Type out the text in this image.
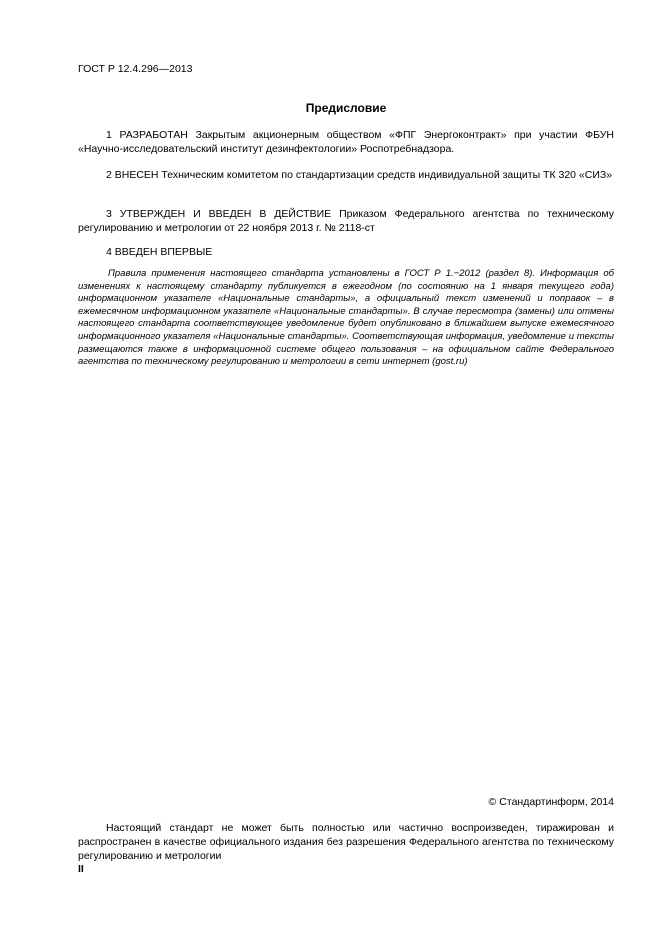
ГОСТ Р 12.4.296—2013
Предисловие

1 РАЗРАБОТАН Закрытым акционерным обществом «ФПГ Энергоконтракт» при участии ФБУН «Научно-исследовательский институт дезинфектологии» Роспотребнадзора.

2 ВНЕСЕН Техническим комитетом по стандартизации средств индивидуальной защиты ТК 320 «СИЗ»

3 УТВЕРЖДЕН И ВВЕДЕН В ДЕЙСТВИЕ Приказом Федерального агентства по техническому регулированию и метрологии от 22 ноября 2013 г. № 2118-ст

4 ВВЕДЕН ВПЕРВЫЕ

Правила применения настоящего стандарта установлены в ГОСТ Р 1.−2012 (раздел 8). Информация об изменениях к настоящему стандарту публикуется в ежегодном (по состоянию на 1 января текущего года) информационном указателе «Национальные стандарты», а официальный текст изменений и поправок – в ежемесячном информационном указателе «Национальные стандарты». В случае пересмотра (замены) или отмены настоящего стандарта соответствующее уведомление будет опубликовано в ближайшем выпуске ежемесячного информационного указателя «Национальные стандарты». Соответствующая информация, уведомление и тексты размещаются также в информационной системе общего пользования – на официальном сайте Федерального агентства по техническому регулированию и метрологии в сети интернет (gost.ru)

© Стандартинформ, 2014

Настоящий стандарт не может быть полностью или частично воспроизведен, тиражирован и распространен в качестве официального издания без разрешения Федерального агентства по техническому регулированию и метрологии

II
